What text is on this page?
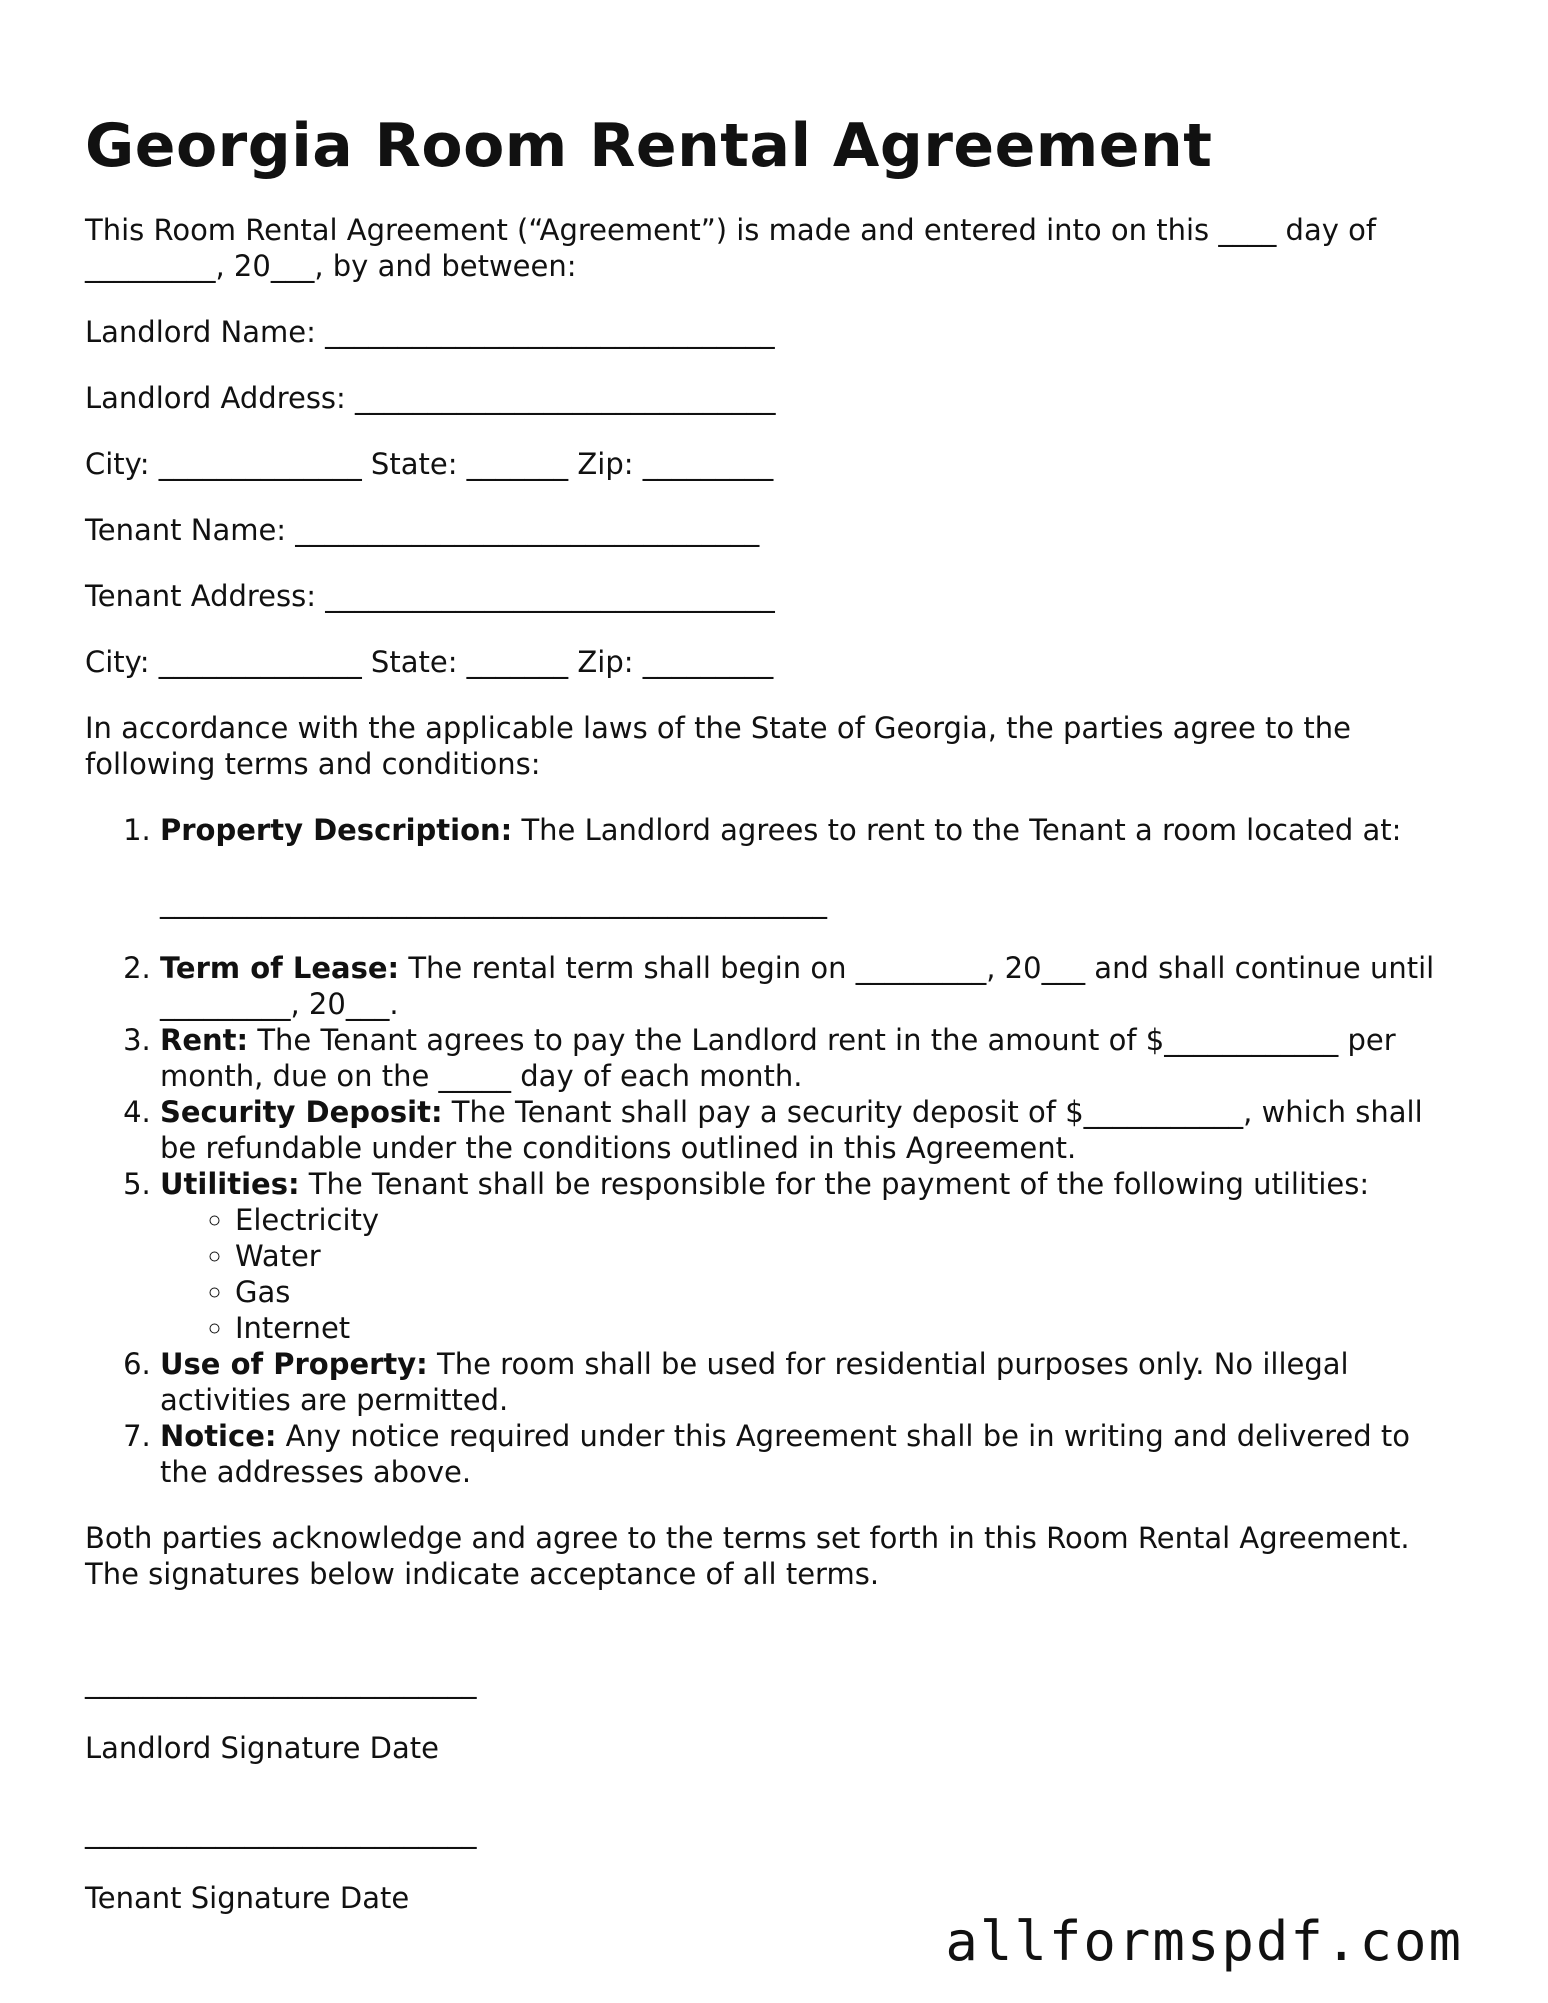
Georgia Room Rental Agreement

This Room Rental Agreement (“Agreement”) is made and entered into on this ____ day of _________, 20___, by and between:

Landlord Name: _______________________________
Landlord Address: _____________________________
City: ______________ State: _______ Zip: _________
Tenant Name: ________________________________
Tenant Address: _______________________________
City: ______________ State: _______ Zip: _________

In accordance with the applicable laws of the State of Georgia, the parties agree to the following terms and conditions:

1. Property Description: The Landlord agrees to rent to the Tenant a room located at:
______________________________________________
2. Term of Lease: The rental term shall begin on _________, 20___ and shall continue until _________, 20___.
3. Rent: The Tenant agrees to pay the Landlord rent in the amount of $____________ per month, due on the _____ day of each month.
4. Security Deposit: The Tenant shall pay a security deposit of $___________, which shall be refundable under the conditions outlined in this Agreement.
5. Utilities: The Tenant shall be responsible for the payment of the following utilities:
◦ Electricity
◦ Water
◦ Gas
◦ Internet
6. Use of Property: The room shall be used for residential purposes only. No illegal activities are permitted.
7. Notice: Any notice required under this Agreement shall be in writing and delivered to the addresses above.

Both parties acknowledge and agree to the terms set forth in this Room Rental Agreement. The signatures below indicate acceptance of all terms.

___________________________
Landlord Signature Date
___________________________
Tenant Signature Date
allformspdf.com
